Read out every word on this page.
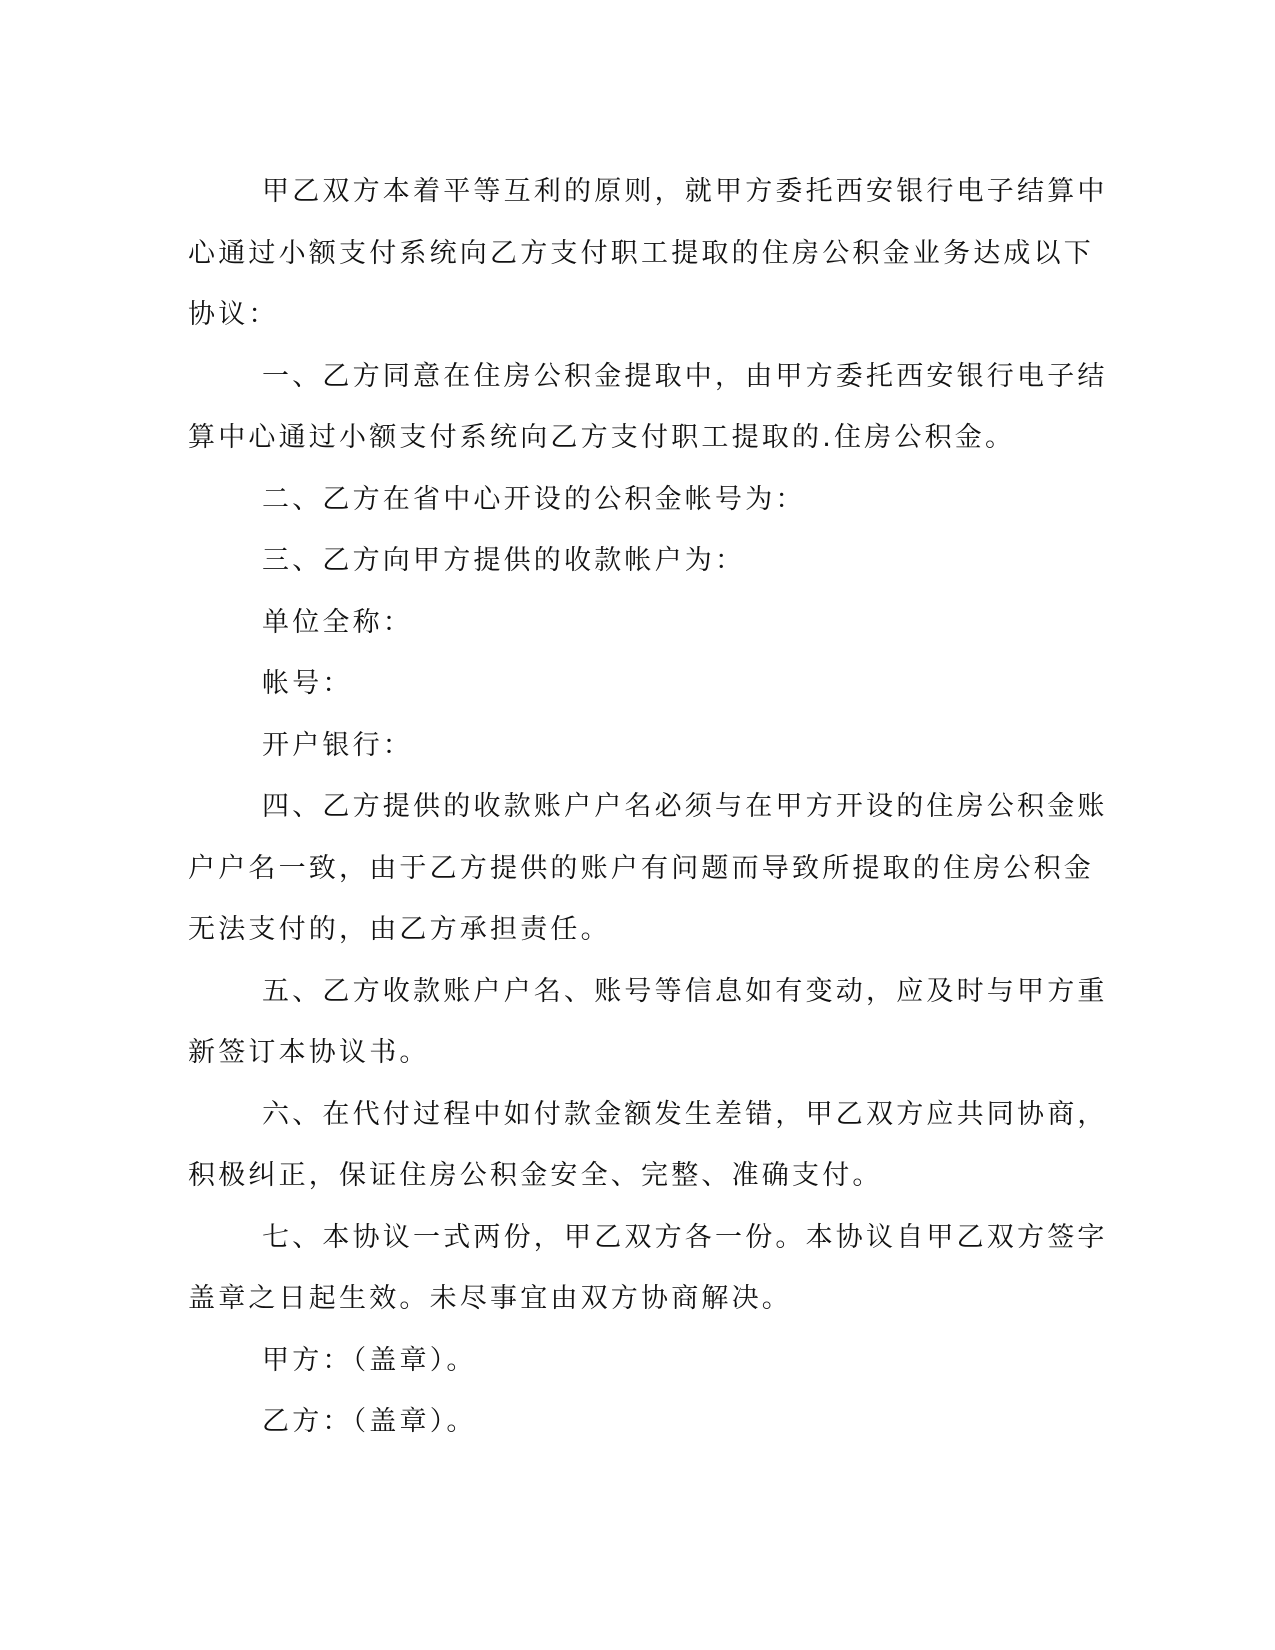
甲乙双方本着平等互利的原则，就甲方委托西安银行电子结算中

心通过小额支付系统向乙方支付职工提取的住房公积金业务达成以下

协议：

一、乙方同意在住房公积金提取中，由甲方委托西安银行电子结

算中心通过小额支付系统向乙方支付职工提取的.住房公积金。

二、乙方在省中心开设的公积金帐号为：

三、乙方向甲方提供的收款帐户为：

单位全称：

帐号：

开户银行：

四、乙方提供的收款账户户名必须与在甲方开设的住房公积金账

户户名一致，由于乙方提供的账户有问题而导致所提取的住房公积金

无法支付的，由乙方承担责任。

五、乙方收款账户户名、账号等信息如有变动，应及时与甲方重

新签订本协议书。

六、在代付过程中如付款金额发生差错，甲乙双方应共同协商，

积极纠正，保证住房公积金安全、完整、准确支付。

七、本协议一式两份，甲乙双方各一份。本协议自甲乙双方签字

盖章之日起生效。未尽事宜由双方协商解决。

甲方：（盖章）。

乙方：（盖章）。
